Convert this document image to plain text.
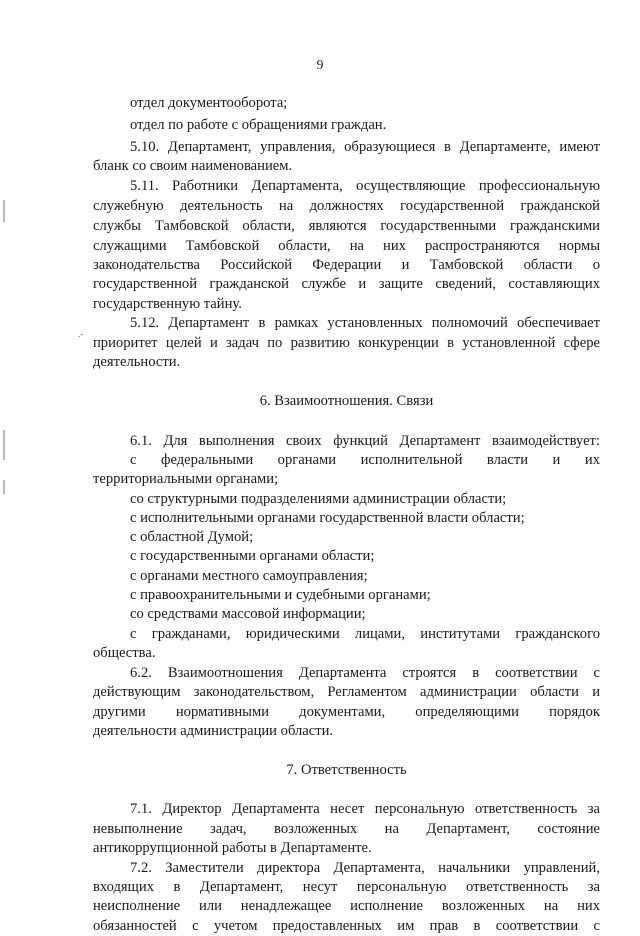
9
.-
отдел документооборота;
отдел по работе с обращениями граждан.
5.10. Департамент, управления, образующиеся в Департаменте, имеют
бланк со своим наименованием.
5.11. Работники Департамента, осуществляющие профессиональную
служебную деятельность на должностях государственной гражданской
службы Тамбовской области, являются государственными гражданскими
служащими Тамбовской области, на них распространяются нормы
законодательства Российской Федерации и Тамбовской области о
государственной гражданской службе и защите сведений, составляющих
государственную тайну.
5.12. Департамент в рамках установленных полномочий обеспечивает
приоритет целей и задач по развитию конкуренции в установленной сфере
деятельности.
6. Взаимоотношения. Связи
6.1. Для выполнения своих функций Департамент взаимодействует:
с федеральными органами исполнительной власти и их
территориальными органами;
со структурными подразделениями администрации области;
с исполнительными органами государственной власти области;
с областной Думой;
с государственными органами области;
с органами местного самоуправления;
с правоохранительными и судебными органами;
со средствами массовой информации;
с гражданами, юридическими лицами, институтами гражданского
общества.
6.2. Взаимоотношения Департамента строятся в соответствии с
действующим законодательством, Регламентом администрации области и
другими нормативными документами, определяющими порядок
деятельности администрации области.
7. Ответственность
7.1. Директор Департамента несет персональную ответственность за
невыполнение задач, возложенных на Департамент, состояние
антикоррупционной работы в Департаменте.
7.2. Заместители директора Департамента, начальники управлений,
входящих в Департамент, несут персональную ответственность за
неисполнение или ненадлежащее исполнение возложенных на них
обязанностей с учетом предоставленных им прав в соответствии с
